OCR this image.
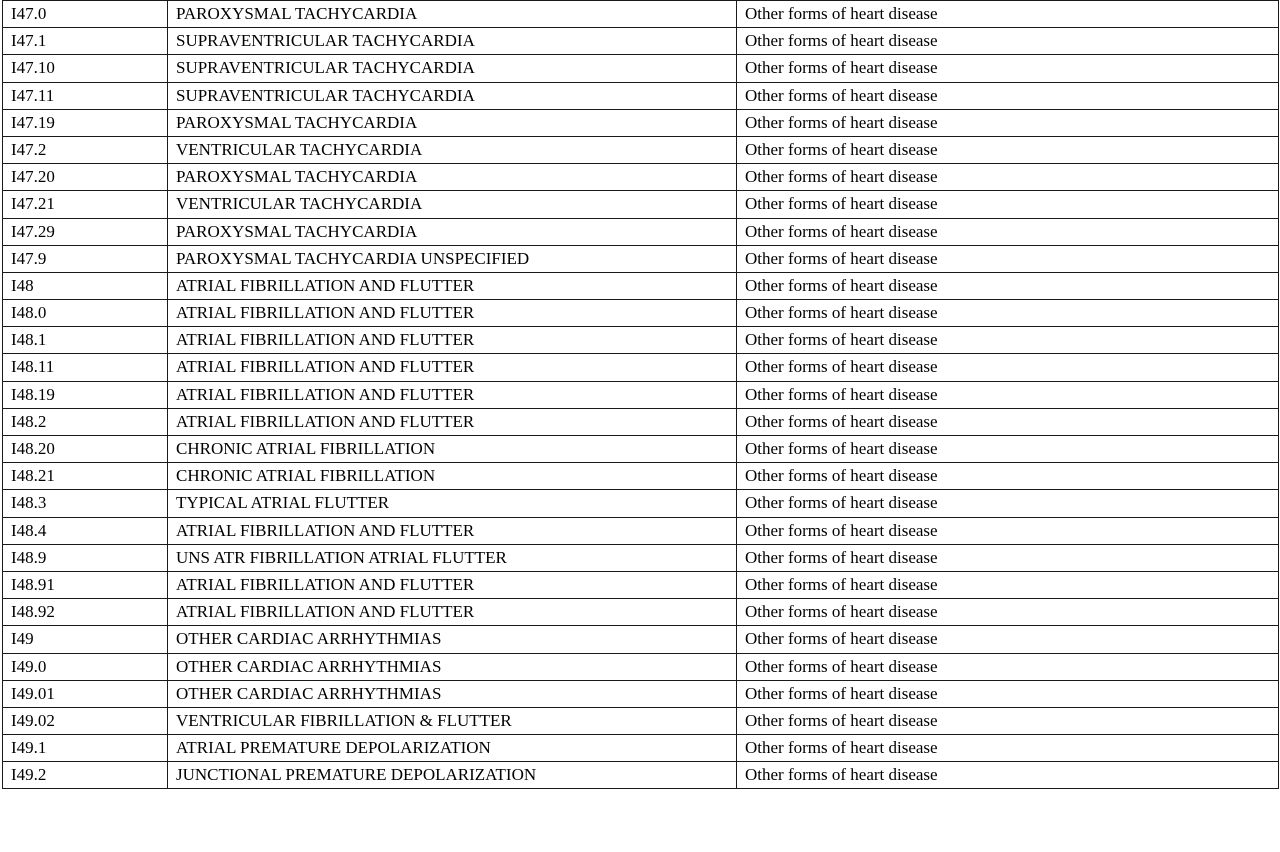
I47.0	PAROXYSMAL TACHYCARDIA	Other forms of heart disease
I47.1	SUPRAVENTRICULAR TACHYCARDIA	Other forms of heart disease
I47.10	SUPRAVENTRICULAR TACHYCARDIA	Other forms of heart disease
I47.11	SUPRAVENTRICULAR TACHYCARDIA	Other forms of heart disease
I47.19	PAROXYSMAL TACHYCARDIA	Other forms of heart disease
I47.2	VENTRICULAR TACHYCARDIA	Other forms of heart disease
I47.20	PAROXYSMAL TACHYCARDIA	Other forms of heart disease
I47.21	VENTRICULAR TACHYCARDIA	Other forms of heart disease
I47.29	PAROXYSMAL TACHYCARDIA	Other forms of heart disease
I47.9	PAROXYSMAL TACHYCARDIA UNSPECIFIED	Other forms of heart disease
I48	ATRIAL FIBRILLATION AND FLUTTER	Other forms of heart disease
I48.0	ATRIAL FIBRILLATION AND FLUTTER	Other forms of heart disease
I48.1	ATRIAL FIBRILLATION AND FLUTTER	Other forms of heart disease
I48.11	ATRIAL FIBRILLATION AND FLUTTER	Other forms of heart disease
I48.19	ATRIAL FIBRILLATION AND FLUTTER	Other forms of heart disease
I48.2	ATRIAL FIBRILLATION AND FLUTTER	Other forms of heart disease
I48.20	CHRONIC ATRIAL FIBRILLATION	Other forms of heart disease
I48.21	CHRONIC ATRIAL FIBRILLATION	Other forms of heart disease
I48.3	TYPICAL ATRIAL FLUTTER	Other forms of heart disease
I48.4	ATRIAL FIBRILLATION AND FLUTTER	Other forms of heart disease
I48.9	UNS ATR FIBRILLATION ATRIAL FLUTTER	Other forms of heart disease
I48.91	ATRIAL FIBRILLATION AND FLUTTER	Other forms of heart disease
I48.92	ATRIAL FIBRILLATION AND FLUTTER	Other forms of heart disease
I49	OTHER CARDIAC ARRHYTHMIAS	Other forms of heart disease
I49.0	OTHER CARDIAC ARRHYTHMIAS	Other forms of heart disease
I49.01	OTHER CARDIAC ARRHYTHMIAS	Other forms of heart disease
I49.02	VENTRICULAR FIBRILLATION & FLUTTER	Other forms of heart disease
I49.1	ATRIAL PREMATURE DEPOLARIZATION	Other forms of heart disease
I49.2	JUNCTIONAL PREMATURE DEPOLARIZATION	Other forms of heart disease
